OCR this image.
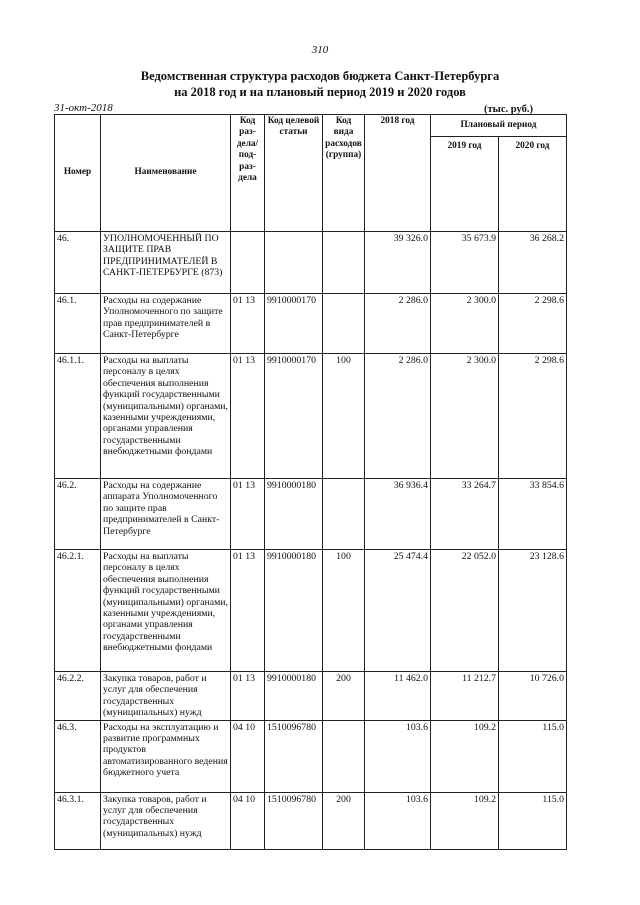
310
Ведомственная структура расходов бюджета Санкт-Петербурга
на 2018 год и на плановый период 2019 и 2020 годов
31-окт-2018	(тыс. руб.)
Номер	Наименование	Код раз-
дела/
под-
раз-
дела	Код целевой статьи	Код вида расходов (группа)	2018 год	Плановый период	
						2019 год	2020 год
46.	УПОЛНОМОЧЕННЫЙ ПО ЗАЩИТЕ ПРАВ ПРЕДПРИНИМАТЕЛЕЙ В САНКТ-ПЕТЕРБУРГЕ (873)				39 326.0	35 673.9	36 268.2
46.1.	Расходы на содержание Уполномоченного по защите прав предпринимателей в Санкт-Петербурге	01 13	9910000170		2 286.0	2 300.0	2 298.6
46.1.1.	Расходы на выплаты персоналу в целях обеспечения выполнения функций государственными (муниципальными) органами, казенными учреждениями, органами управления государственными внебюджетными фондами	01 13	9910000170	100	2 286.0	2 300.0	2 298.6
46.2.	Расходы на содержание аппарата Уполномоченного по защите прав предпринимателей в Санкт-Петербурге	01 13	9910000180		36 936.4	33 264.7	33 854.6
46.2.1.	Расходы на выплаты персоналу в целях обеспечения выполнения функций государственными (муниципальными) органами, казенными учреждениями, органами управления государственными внебюджетными фондами	01 13	9910000180	100	25 474.4	22 052.0	23 128.6
46.2.2.	Закупка товаров, работ и услуг для обеспечения государственных (муниципальных) нужд	01 13	9910000180	200	11 462.0	11 212.7	10 726.0
46.3.	Расходы на эксплуатацию и развитие программных продуктов автоматизированного ведения бюджетного учета	04 10	1510096780		103.6	109.2	115.0
46.3.1.	Закупка товаров, работ и услуг для обеспечения государственных (муниципальных) нужд	04 10	1510096780	200	103.6	109.2	115.0
